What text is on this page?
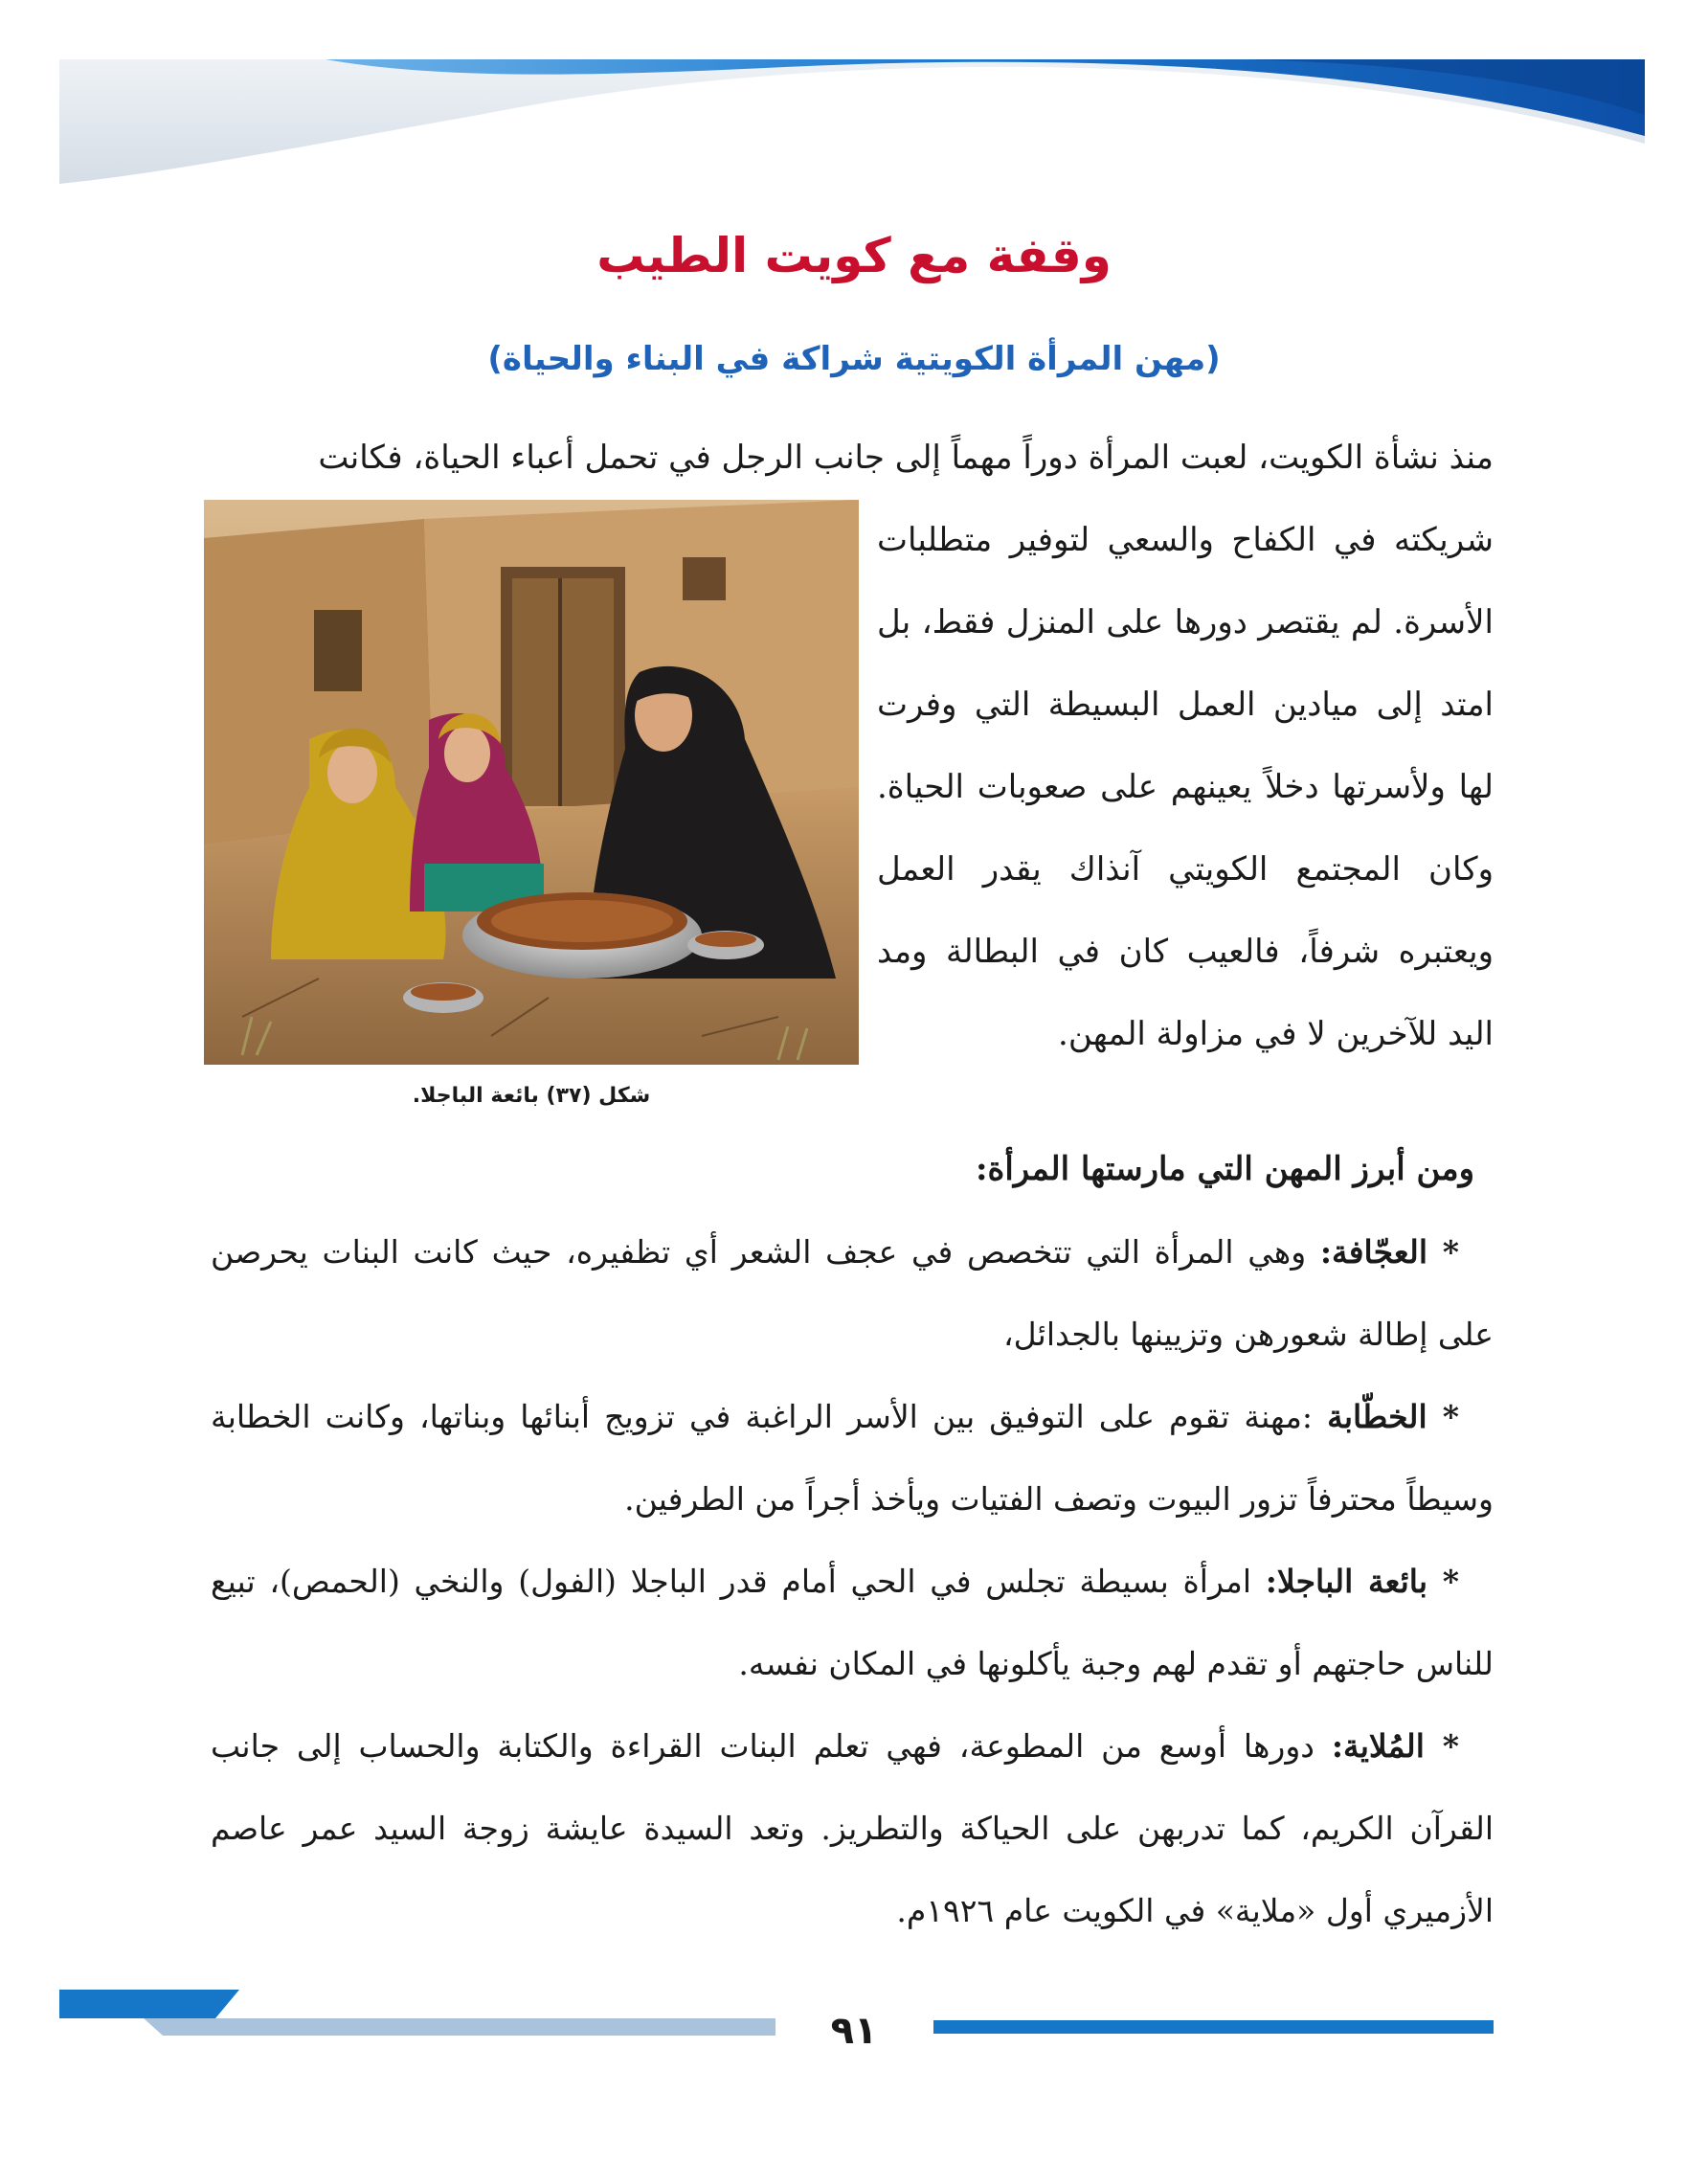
وقفة مع كويت الطيب
(مهن المرأة الكويتية شراكة في البناء والحياة)

منذ نشأة الكويت، لعبت المرأة دوراً مهماً إلى جانب الرجل في تحمل أعباء الحياة، فكانت

شريكته في الكفاح والسعي لتوفير متطلبات الأسرة. لم يقتصر دورها على المنزل فقط، بل امتد إلى ميادين العمل البسيطة التي وفرت لها ولأسرتها دخلاً يعينهم على صعوبات الحياة. وكان المجتمع الكويتي آنذاك يقدر العمل ويعتبره شرفاً، فالعيب كان في البطالة ومد اليد للآخرين لا في مزاولة المهن.

شكل (٣٧) بائعة الباجلا.

ومن أبرز المهن التي مارستها المرأة:

* العجّافة: وهي المرأة التي تتخصص في عجف الشعر أي تظفيره، حيث كانت البنات يحرصن على إطالة شعورهن وتزيينها بالجدائل،

* الخطّابة :مهنة تقوم على التوفيق بين الأسر الراغبة في تزويج أبنائها وبناتها، وكانت الخطابة وسيطاً محترفاً تزور البيوت وتصف الفتيات ويأخذ أجراً من الطرفين.

* بائعة الباجلا: امرأة بسيطة تجلس في الحي أمام قدر الباجلا (الفول) والنخي (الحمص)، تبيع للناس حاجتهم أو تقدم لهم وجبة يأكلونها في المكان نفسه.

* المُلاية: دورها أوسع من المطوعة، فهي تعلم البنات القراءة والكتابة والحساب إلى جانب القرآن الكريم، كما تدربهن على الحياكة والتطريز. وتعد السيدة عايشة زوجة السيد عمر عاصم الأزميري أول «ملاية» في الكويت عام ١٩٢٦م.

٩١
